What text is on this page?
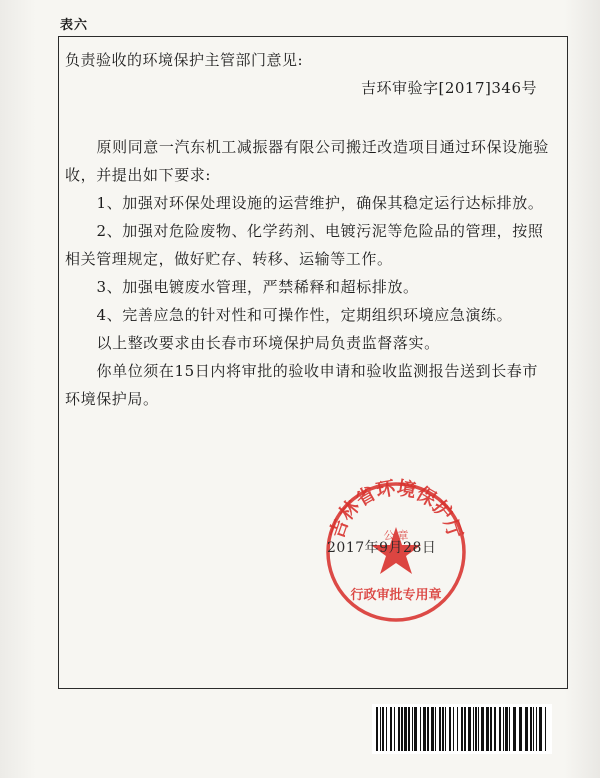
表六
负责验收的环境保护主管部门意见:
吉环审验字[2017]346号

原则同意一汽东机工减振器有限公司搬迁改造项目通过环保设施验收，并提出如下要求:

1、加强对环保处理设施的运营维护，确保其稳定运行达标排放。

2、加强对危险废物、化学药剂、电镀污泥等危险品的管理，按照相关管理规定，做好贮存、转移、运输等工作。

3、加强电镀废水管理，严禁稀释和超标排放。

4、完善应急的针对性和可操作性，定期组织环境应急演练。

以上整改要求由长春市环境保护局负责监督落实。

你单位须在15日内将审批的验收申请和验收监测报告送到长春市环境保护局。

吉林省环境保护厅
公 章
行政审批专用章
2017年9月28日
